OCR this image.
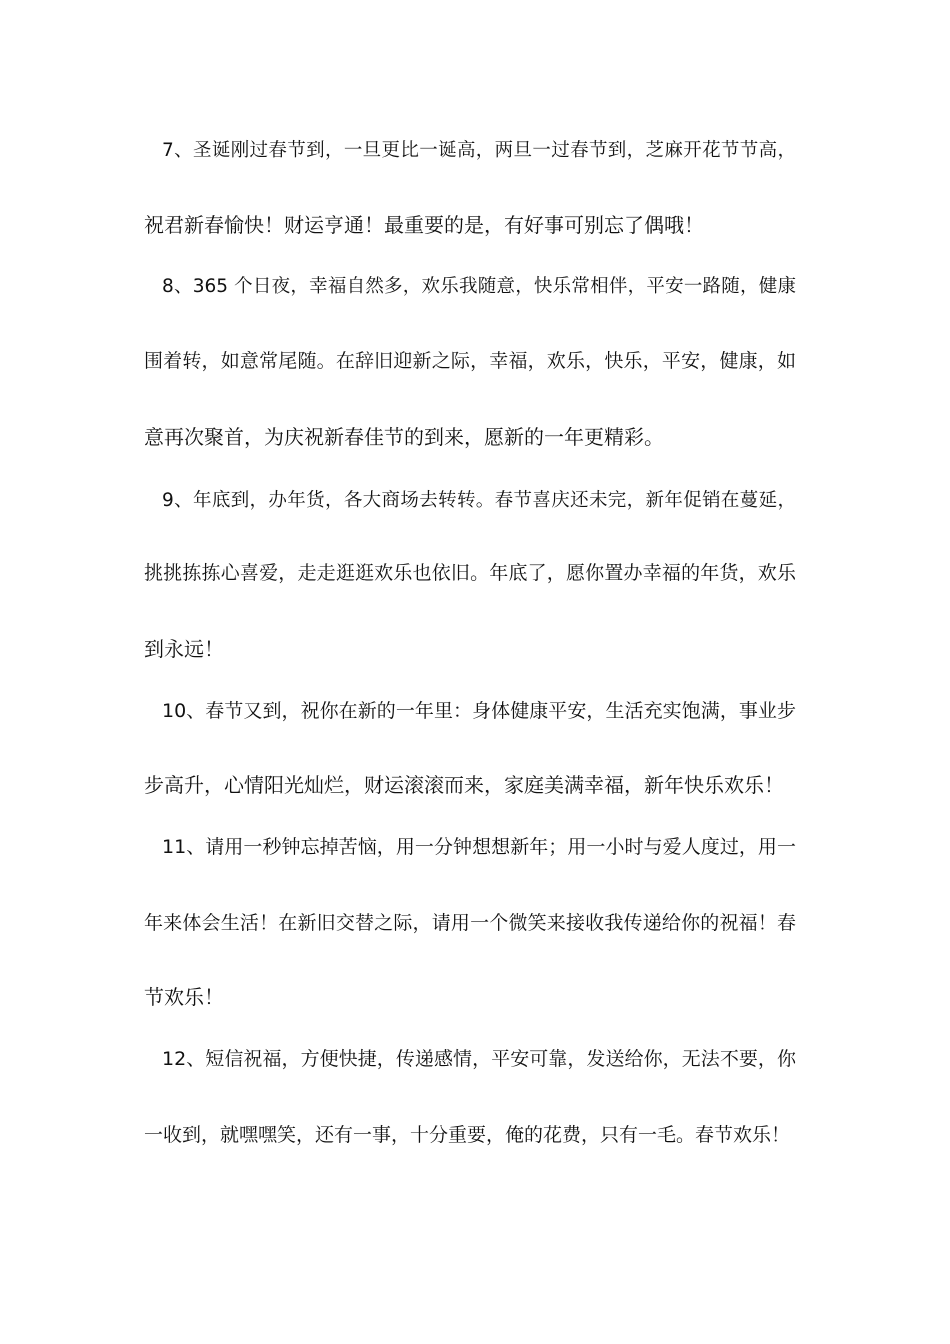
7、圣诞刚过春节到，一旦更比一诞高，两旦一过春节到，芝麻开花节节高，
祝君新春愉快！财运亨通！最重要的是，有好事可别忘了偶哦！
8、365 个日夜，幸福自然多，欢乐我随意，快乐常相伴，平安一路随，健康
围着转，如意常尾随。在辞旧迎新之际，幸福，欢乐，快乐，平安，健康，如
意再次聚首，为庆祝新春佳节的到来，愿新的一年更精彩。
9、年底到，办年货，各大商场去转转。春节喜庆还未完，新年促销在蔓延，
挑挑拣拣心喜爱，走走逛逛欢乐也依旧。年底了，愿你置办幸福的年货，欢乐
到永远！
10、春节又到，祝你在新的一年里：身体健康平安，生活充实饱满，事业步
步高升，心情阳光灿烂，财运滚滚而来，家庭美满幸福，新年快乐欢乐！
11、请用一秒钟忘掉苦恼，用一分钟想想新年；用一小时与爱人度过，用一
年来体会生活！在新旧交替之际，请用一个微笑来接收我传递给你的祝福！春
节欢乐！
12、短信祝福，方便快捷，传递感情，平安可靠，发送给你，无法不要，你
一收到，就嘿嘿笑，还有一事，十分重要，俺的花费，只有一毛。春节欢乐！
